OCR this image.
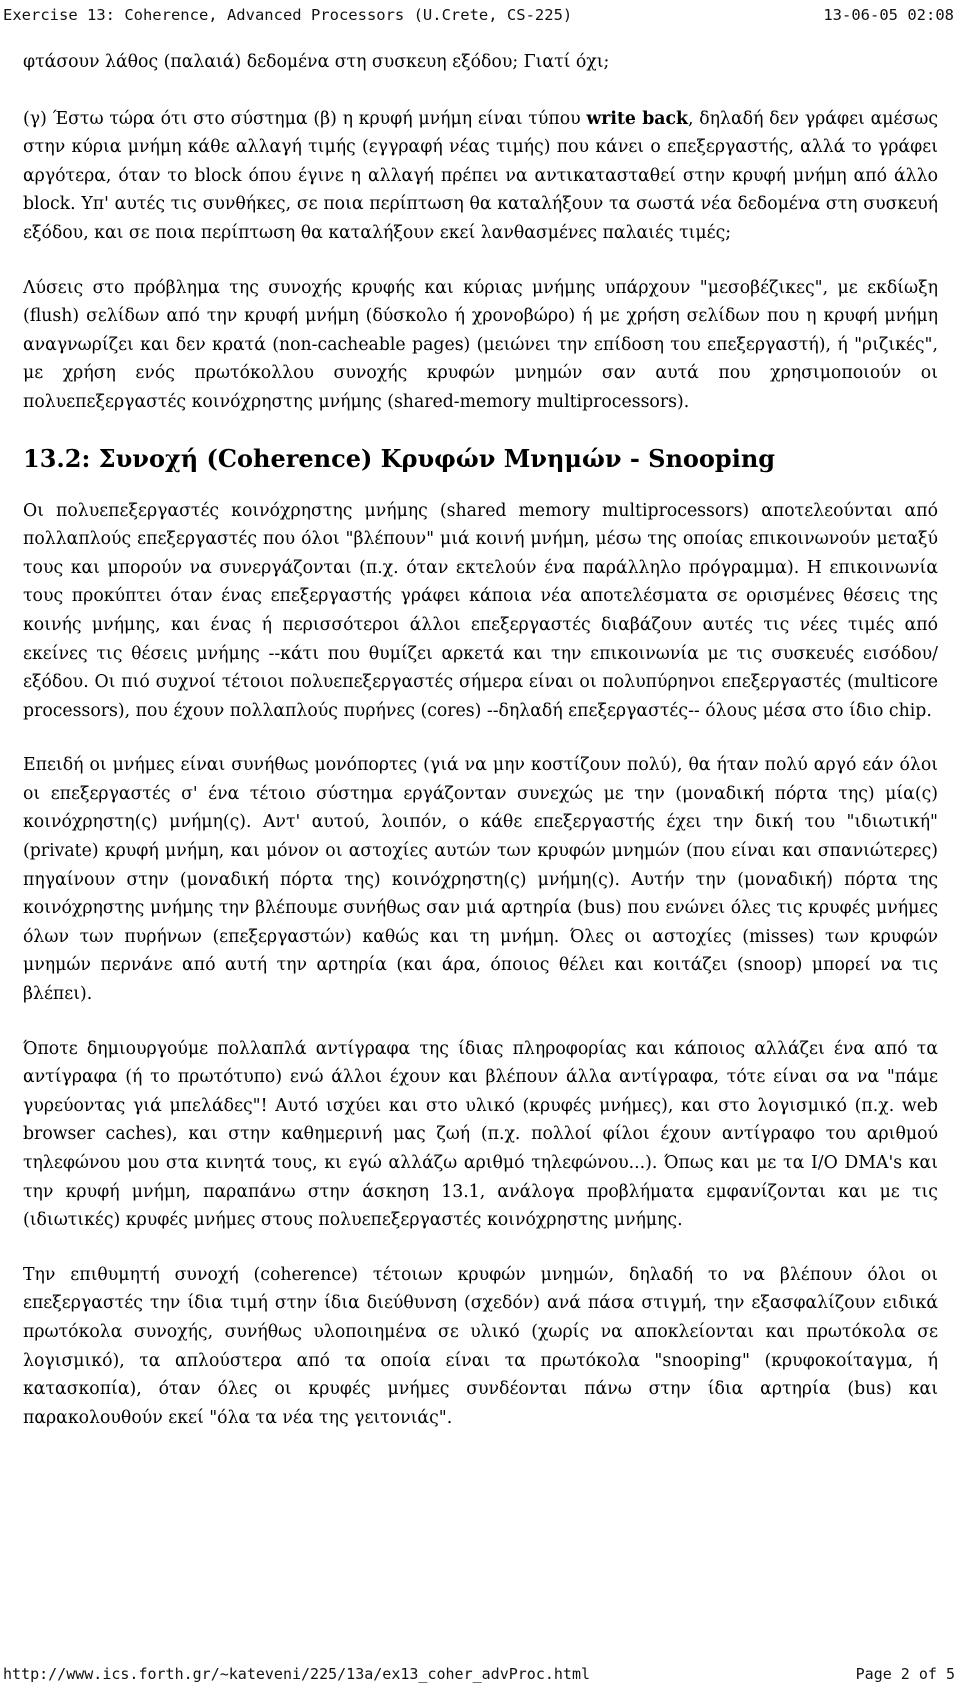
Exercise 13: Coherence, Advanced Processors (U.Crete, CS-225)	13-06-05 02:08

φτάσουν λάθος (παλαιά) δεδομένα στη συσκευη εξόδου; Γιατί όχι;

(γ) Έστω τώρα ότι στο σύστημα (β) η κρυφή μνήμη είναι τύπου write back, δηλαδή δεν γράφει αμέσως στην κύρια μνήμη κάθε αλλαγή τιμής (εγγραφή νέας τιμής) που κάνει ο επεξεργαστής, αλλά το γράφει αργότερα, όταν το block όπου έγινε η αλλαγή πρέπει να αντικατασταθεί στην κρυφή μνήμη από άλλο block. Υπ' αυτές τις συνθήκες, σε ποια περίπτωση θα καταλήξουν τα σωστά νέα δεδομένα στη συσκευή εξόδου, και σε ποια περίπτωση θα καταλήξουν εκεί λανθασμένες παλαιές τιμές;

Λύσεις στο πρόβλημα της συνοχής κρυφής και κύριας μνήμης υπάρχουν "μεσοβέζικες", με εκδίωξη (flush) σελίδων από την κρυφή μνήμη (δύσκολο ή χρονοβώρο) ή με χρήση σελίδων που η κρυφή μνήμη αναγνωρίζει και δεν κρατά (non-cacheable pages) (μειώνει την επίδοση του επεξεργαστή), ή "ριζικές", με χρήση ενός πρωτόκολλου συνοχής κρυφών μνημών σαν αυτά που χρησιμοποιούν οι πολυεπεξεργαστές κοινόχρηστης μνήμης (shared-memory multiprocessors).

13.2: Συνοχή (Coherence) Κρυφών Μνημών - Snooping

Οι πολυεπεξεργαστές κοινόχρηστης μνήμης (shared memory multiprocessors) αποτελεούνται από πολλαπλούς επεξεργαστές που όλοι "βλέπουν" μιά κοινή μνήμη, μέσω της οποίας επικοινωνούν μεταξύ τους και μπορούν να συνεργάζονται (π.χ. όταν εκτελούν ένα παράλληλο πρόγραμμα). Η επικοινωνία τους προκύπτει όταν ένας επεξεργαστής γράφει κάποια νέα αποτελέσματα σε ορισμένες θέσεις της κοινής μνήμης, και ένας ή περισσότεροι άλλοι επεξεργαστές διαβάζουν αυτές τις νέες τιμές από εκείνες τις θέσεις μνήμης --κάτι που θυμίζει αρκετά και την επικοινωνία με τις συσκευές εισόδου/εξόδου. Οι πιό συχνοί τέτοιοι πολυεπεξεργαστές σήμερα είναι οι πολυπύρηνοι επεξεργαστές (multicore processors), που έχουν πολλαπλούς πυρήνες (cores) --δηλαδή επεξεργαστές-- όλους μέσα στο ίδιο chip.

Επειδή οι μνήμες είναι συνήθως μονόπορτες (γιά να μην κοστίζουν πολύ), θα ήταν πολύ αργό εάν όλοι οι επεξεργαστές σ' ένα τέτοιο σύστημα εργάζονταν συνεχώς με την (μοναδική πόρτα της) μία(ς) κοινόχρηστη(ς) μνήμη(ς). Αντ' αυτού, λοιπόν, ο κάθε επεξεργαστής έχει την δική του "ιδιωτική" (private) κρυφή μνήμη, και μόνον οι αστοχίες αυτών των κρυφών μνημών (που είναι και σπανιώτερες) πηγαίνουν στην (μοναδική πόρτα της) κοινόχρηστη(ς) μνήμη(ς). Αυτήν την (μοναδική) πόρτα της κοινόχρηστης μνήμης την βλέπουμε συνήθως σαν μιά αρτηρία (bus) που ενώνει όλες τις κρυφές μνήμες όλων των πυρήνων (επεξεργαστών) καθώς και τη μνήμη. Όλες οι αστοχίες (misses) των κρυφών μνημών περνάνε από αυτή την αρτηρία (και άρα, όποιος θέλει και κοιτάζει (snoop) μπορεί να τις βλέπει).

Όποτε δημιουργούμε πολλαπλά αντίγραφα της ίδιας πληροφορίας και κάποιος αλλάζει ένα από τα αντίγραφα (ή το πρωτότυπο) ενώ άλλοι έχουν και βλέπουν άλλα αντίγραφα, τότε είναι σα να "πάμε γυρεύοντας γιά μπελάδες"! Αυτό ισχύει και στο υλικό (κρυφές μνήμες), και στο λογισμικό (π.χ. web browser caches), και στην καθημερινή μας ζωή (π.χ. πολλοί φίλοι έχουν αντίγραφο του αριθμού τηλεφώνου μου στα κινητά τους, κι εγώ αλλάζω αριθμό τηλεφώνου...). Όπως και με τα I/O DMA's και την κρυφή μνήμη, παραπάνω στην άσκηση 13.1, ανάλογα προβλήματα εμφανίζονται και με τις (ιδιωτικές) κρυφές μνήμες στους πολυεπεξεργαστές κοινόχρηστης μνήμης.

Την επιθυμητή συνοχή (coherence) τέτοιων κρυφών μνημών, δηλαδή το να βλέπουν όλοι οι επεξεργαστές την ίδια τιμή στην ίδια διεύθυνση (σχεδόν) ανά πάσα στιγμή, την εξασφαλίζουν ειδικά πρωτόκολα συνοχής, συνήθως υλοποιημένα σε υλικό (χωρίς να αποκλείονται και πρωτόκολα σε λογισμικό), τα απλούστερα από τα οποία είναι τα πρωτόκολα "snooping" (κρυφοκοίταγμα, ή κατασκοπία), όταν όλες οι κρυφές μνήμες συνδέονται πάνω στην ίδια αρτηρία (bus) και παρακολουθούν εκεί "όλα τα νέα της γειτονιάς".

http://www.ics.forth.gr/~kateveni/225/13a/ex13_coher_advProc.html	Page 2 of 5
